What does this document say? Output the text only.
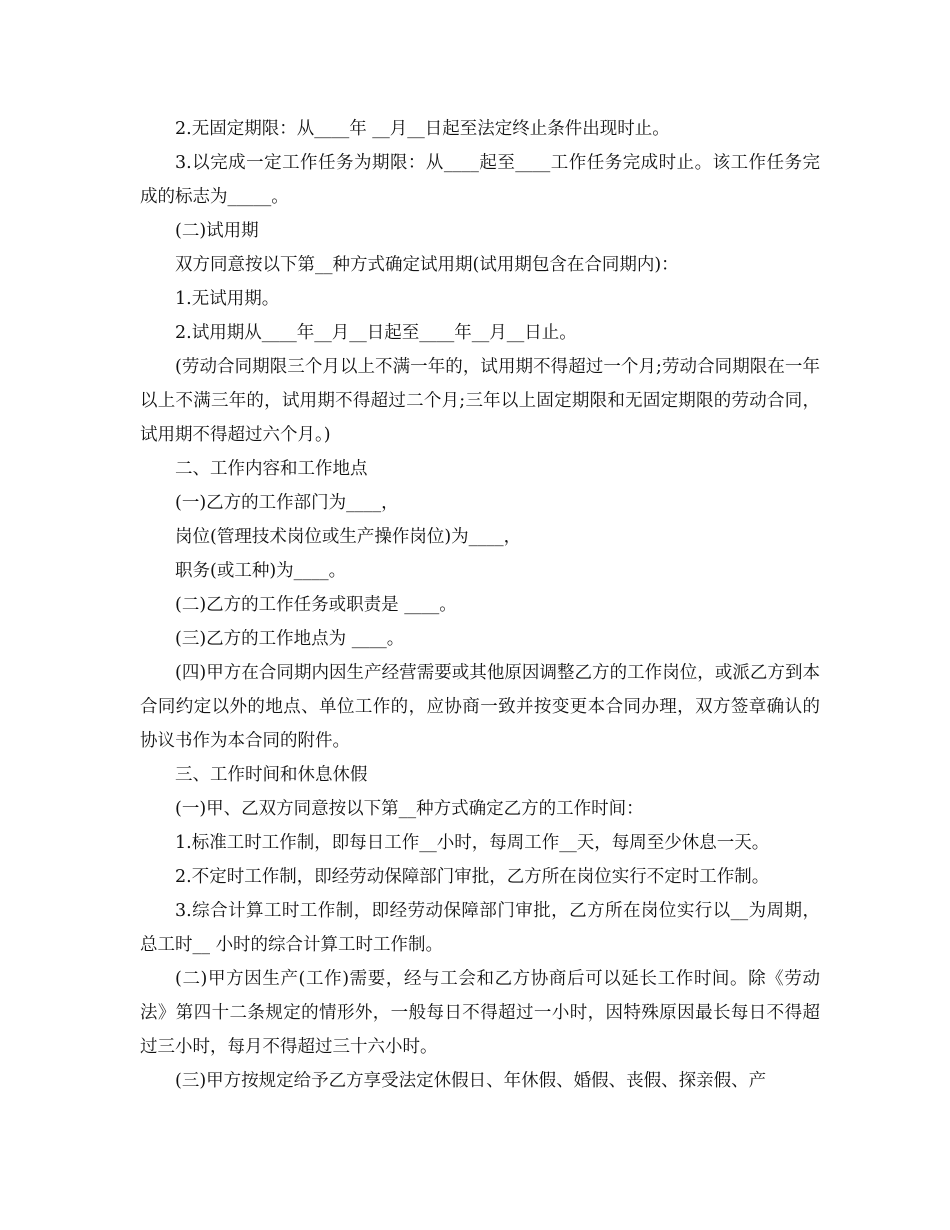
2.无固定期限：从____年 __月__日起至法定终止条件出现时止。

3.以完成一定工作任务为期限：从____起至____工作任务完成时止。该工作任务完成的标志为_____。

(二)试用期

双方同意按以下第__种方式确定试用期(试用期包含在合同期内)：

1.无试用期。

2.试用期从____年__月__日起至____年__月__日止。

(劳动合同期限三个月以上不满一年的，试用期不得超过一个月;劳动合同期限在一年以上不满三年的，试用期不得超过二个月;三年以上固定期限和无固定期限的劳动合同，试用期不得超过六个月。)

二、工作内容和工作地点

(一)乙方的工作部门为____，

岗位(管理技术岗位或生产操作岗位)为____，

职务(或工种)为____。

(二)乙方的工作任务或职责是 ____。

(三)乙方的工作地点为 ____。

(四)甲方在合同期内因生产经营需要或其他原因调整乙方的工作岗位，或派乙方到本合同约定以外的地点、单位工作的，应协商一致并按变更本合同办理，双方签章确认的协议书作为本合同的附件。

三、工作时间和休息休假

(一)甲、乙双方同意按以下第__种方式确定乙方的工作时间：

1.标准工时工作制，即每日工作__小时，每周工作__天，每周至少休息一天。

2.不定时工作制，即经劳动保障部门审批，乙方所在岗位实行不定时工作制。

3.综合计算工时工作制，即经劳动保障部门审批，乙方所在岗位实行以__为周期，总工时__ 小时的综合计算工时工作制。

(二)甲方因生产(工作)需要，经与工会和乙方协商后可以延长工作时间。除《劳动法》第四十二条规定的情形外，一般每日不得超过一小时，因特殊原因最长每日不得超过三小时，每月不得超过三十六小时。

(三)甲方按规定给予乙方享受法定休假日、年休假、婚假、丧假、探亲假、产
